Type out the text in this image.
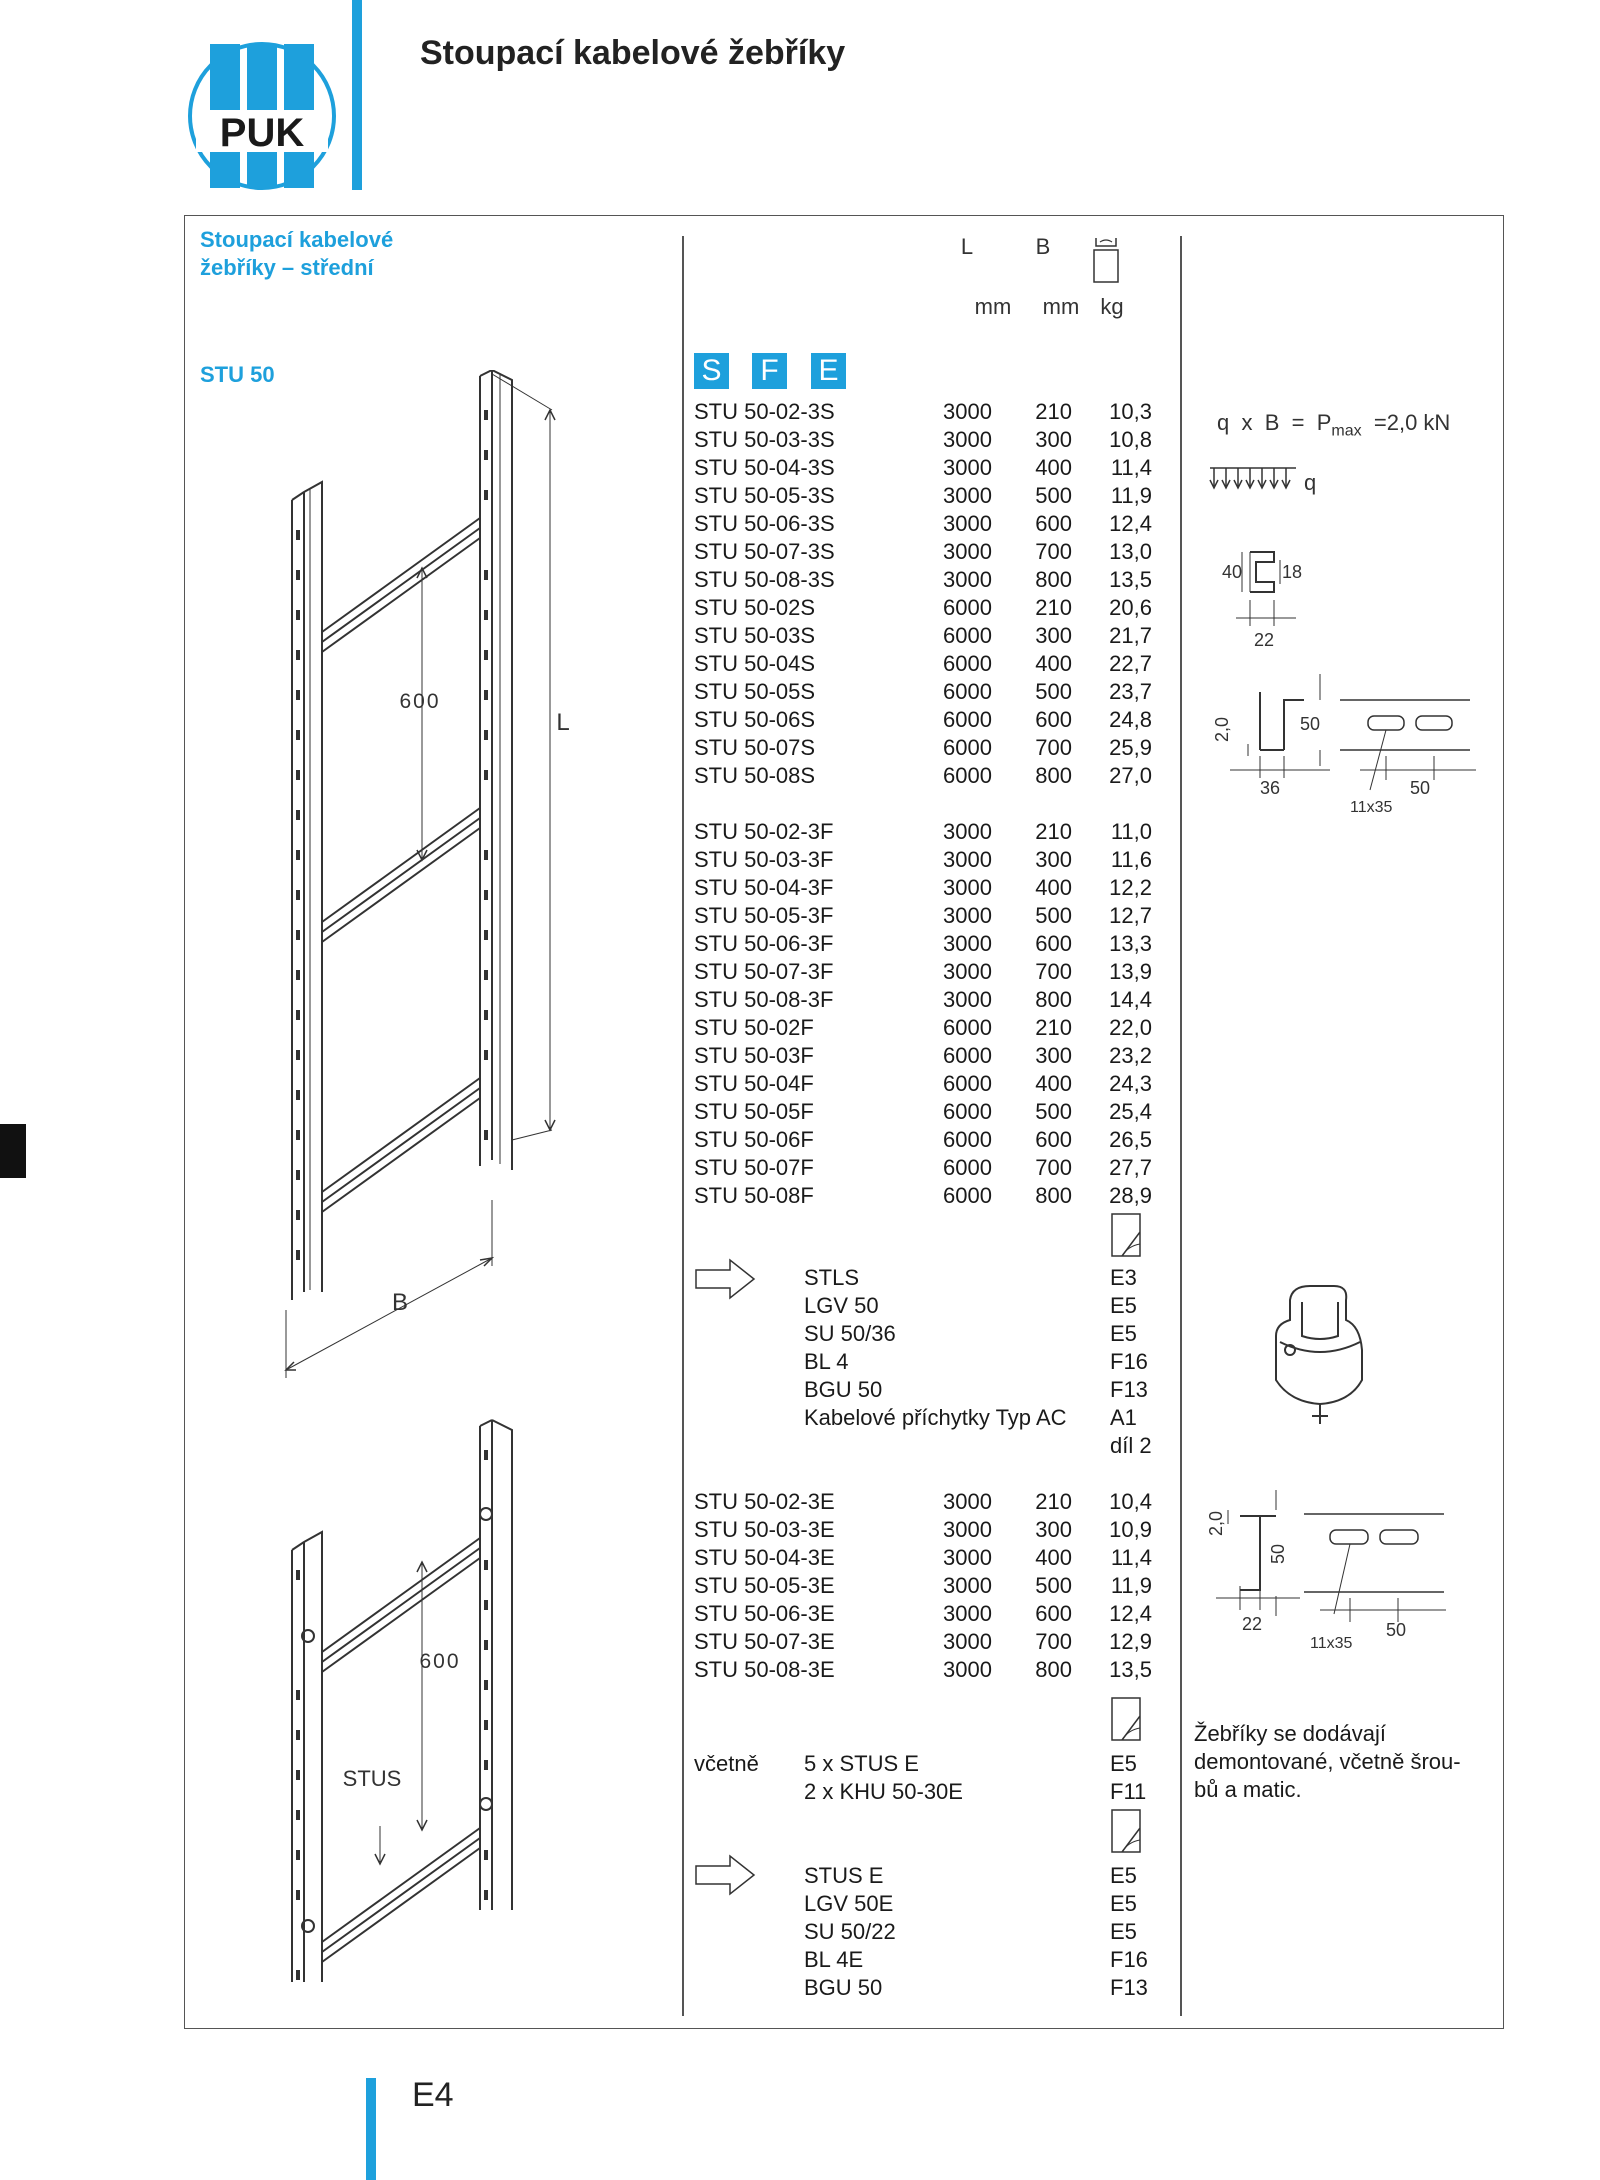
PUK
Stoupací kabelové žebříky
Stoupací kabelové
žebříky – střední
STU 50
600
L
B
600
STUS
L	B
mm	mm kg
S F E
STU 50-02-3S	3000 210 10,3
STU 50-03-3S	3000 300 10,8
STU 50-04-3S	3000 400 11,4
STU 50-05-3S	3000 500 11,9
STU 50-06-3S	3000 600 12,4
STU 50-07-3S	3000 700 13,0
STU 50-08-3S	3000 800 13,5
STU 50-02S	6000 210 20,6
STU 50-03S	6000 300 21,7
STU 50-04S	6000 400 22,7
STU 50-05S	6000 500 23,7
STU 50-06S	6000 600 24,8
STU 50-07S	6000 700 25,9
STU 50-08S	6000 800 27,0
STU 50-02-3F	3000 210 11,0
STU 50-03-3F	3000 300 11,6
STU 50-04-3F	3000 400 12,2
STU 50-05-3F	3000 500 12,7
STU 50-06-3F	3000 600 13,3
STU 50-07-3F	3000 700 13,9
STU 50-08-3F	3000 800 14,4
STU 50-02F	6000 210 22,0
STU 50-03F	6000 300 23,2
STU 50-04F	6000 400 24,3
STU 50-05F	6000 500 25,4
STU 50-06F	6000 600 26,5
STU 50-07F	6000 700 27,7
STU 50-08F	6000 800 28,9
STLS	E3
LGV 50	E5
SU 50/36	E5
BL 4	F16
BGU 50	F13
Kabelové příchytky Typ AC A1
díl 2
STU 50-02-3E	3000 210 10,4
STU 50-03-3E	3000 300 10,9
STU 50-04-3E	3000 400 11,4
STU 50-05-3E	3000 500 11,9
STU 50-06-3E	3000 600 12,4
STU 50-07-3E	3000 700 12,9
STU 50-08-3E	3000 800 13,5
včetně 5 x STUS E	E5
2 x KHU 50-30E	F11
STUS E	E5
LGV 50E	E5
SU 50/22	E5
BL 4E	F16
BGU 50	F13
q x $B = P_{max} =2,0$ kN
q
40 18
22
2,0	50
36	50
11x35
2,0
50
22	50
11x35
Žebříky se dodávají
demontované, včetně šrou-
bů a matic.
E4
